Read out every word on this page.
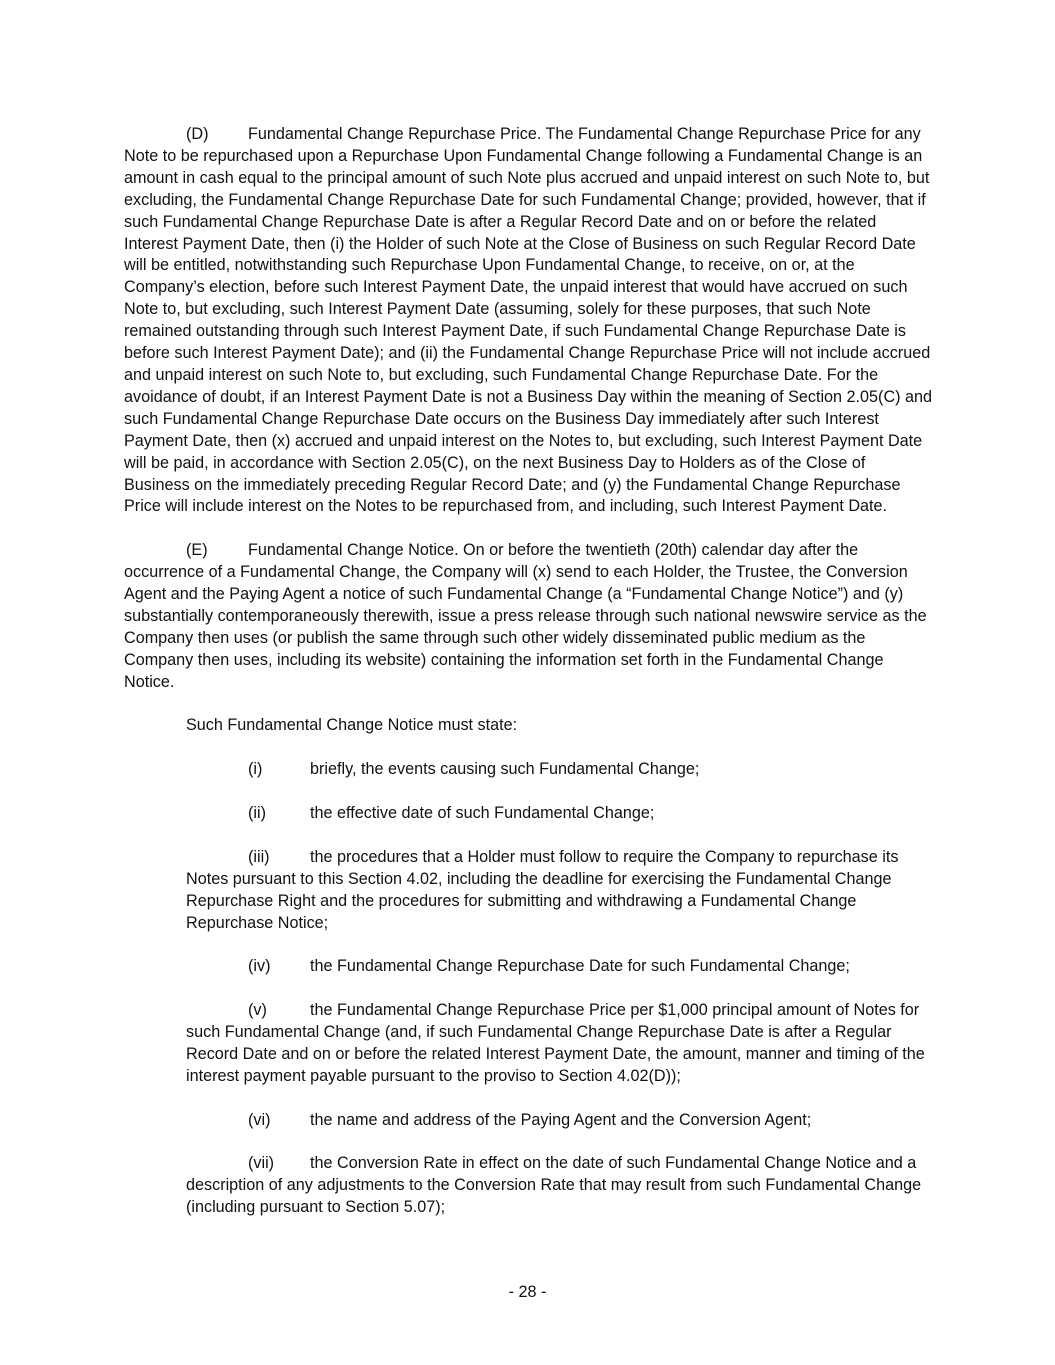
(D) Fundamental Change Repurchase Price. The Fundamental Change Repurchase Price for any Note to be repurchased upon a Repurchase Upon Fundamental Change following a Fundamental Change is an amount in cash equal to the principal amount of such Note plus accrued and unpaid interest on such Note to, but excluding, the Fundamental Change Repurchase Date for such Fundamental Change; provided, however, that if such Fundamental Change Repurchase Date is after a Regular Record Date and on or before the related Interest Payment Date, then (i) the Holder of such Note at the Close of Business on such Regular Record Date will be entitled, notwithstanding such Repurchase Upon Fundamental Change, to receive, on or, at the Company’s election, before such Interest Payment Date, the unpaid interest that would have accrued on such Note to, but excluding, such Interest Payment Date (assuming, solely for these purposes, that such Note remained outstanding through such Interest Payment Date, if such Fundamental Change Repurchase Date is before such Interest Payment Date); and (ii) the Fundamental Change Repurchase Price will not include accrued and unpaid interest on such Note to, but excluding, such Fundamental Change Repurchase Date. For the avoidance of doubt, if an Interest Payment Date is not a Business Day within the meaning of Section 2.05(C) and such Fundamental Change Repurchase Date occurs on the Business Day immediately after such Interest Payment Date, then (x) accrued and unpaid interest on the Notes to, but excluding, such Interest Payment Date will be paid, in accordance with Section 2.05(C), on the next Business Day to Holders as of the Close of Business on the immediately preceding Regular Record Date; and (y) the Fundamental Change Repurchase Price will include interest on the Notes to be repurchased from, and including, such Interest Payment Date.

(E) Fundamental Change Notice. On or before the twentieth (20th) calendar day after the occurrence of a Fundamental Change, the Company will (x) send to each Holder, the Trustee, the Conversion Agent and the Paying Agent a notice of such Fundamental Change (a “Fundamental Change Notice”) and (y) substantially contemporaneously therewith, issue a press release through such national newswire service as the Company then uses (or publish the same through such other widely disseminated public medium as the Company then uses, including its website) containing the information set forth in the Fundamental Change Notice.

Such Fundamental Change Notice must state:

(i)	briefly, the events causing such Fundamental Change;

(ii)	the effective date of such Fundamental Change;

(iii) the procedures that a Holder must follow to require the Company to repurchase its Notes pursuant to this Section 4.02, including the deadline for exercising the Fundamental Change Repurchase Right and the procedures for submitting and withdrawing a Fundamental Change Repurchase Notice;

(iv) the Fundamental Change Repurchase Date for such Fundamental Change;

(v)	the Fundamental Change Repurchase Price per $1,000 principal amount of Notes for such Fundamental Change (and, if such Fundamental Change Repurchase Date is after a Regular Record Date and on or before the related Interest Payment Date, the amount, manner and timing of the interest payment payable pursuant to the proviso to Section 4.02(D));

(vi) the name and address of the Paying Agent and the Conversion Agent;

(vii) the Conversion Rate in effect on the date of such Fundamental Change Notice and a description of any adjustments to the Conversion Rate that may result from such Fundamental Change (including pursuant to Section 5.07);

- 28 -
